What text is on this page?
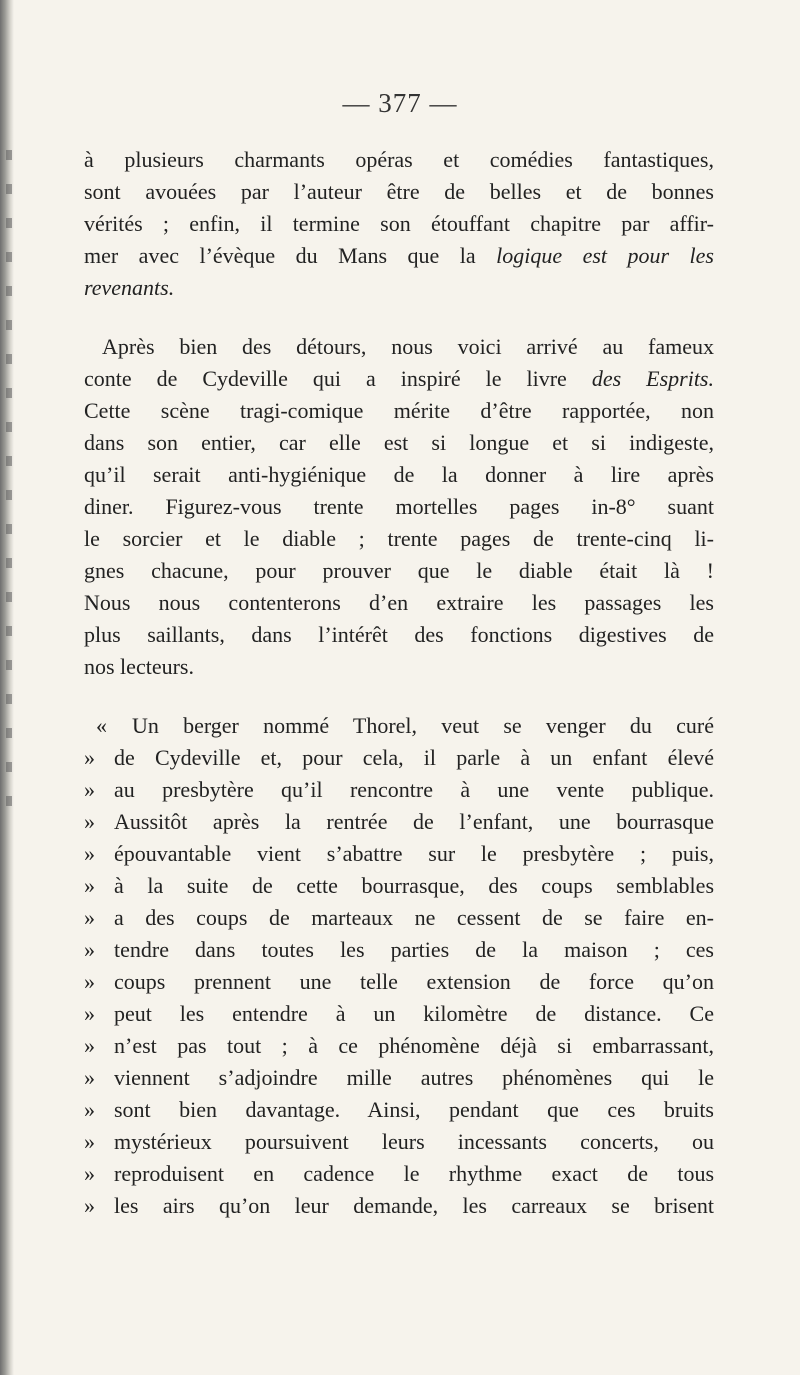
— 377 —
à plusieurs charmants opéras et comédies fantastiques,
sont avouées par l’auteur être de belles et de bonnes
vérités ; enfin, il termine son étouffant chapitre par affir-
mer avec l’évèque du Mans que la logique est pour les
revenants.
Après bien des détours, nous voici arrivé au fameux
conte de Cydeville qui a inspiré le livre des Esprits.
Cette scène tragi-comique mérite d’être rapportée, non
dans son entier, car elle est si longue et si indigeste,
qu’il serait anti-hygiénique de la donner à lire après
diner. Figurez-vous trente mortelles pages in-8° suant
le sorcier et le diable ; trente pages de trente-cinq li-
gnes chacune, pour prouver que le diable était là !
Nous nous contenterons d’en extraire les passages les
plus saillants, dans l’intérêt des fonctions digestives de
nos lecteurs.
«	Un berger nommé Thorel, veut se venger du curé
» de Cydeville et, pour cela, il parle à un enfant élevé
» au presbytère qu’il rencontre à une vente publique.
» Aussitôt après la rentrée de l’enfant, une bourrasque
» épouvantable vient s’abattre sur le presbytère ; puis,
» à la suite de cette bourrasque, des coups semblables
» a des coups de marteaux ne cessent de se faire en-
» tendre dans toutes les parties de la maison ; ces
» coups prennent une telle extension de force qu’on
» peut les entendre à un kilomètre de distance. Ce
» n’est pas tout ; à ce phénomène déjà si embarrassant,
» viennent s’adjoindre mille autres phénomènes qui le
» sont bien davantage. Ainsi, pendant que ces bruits
» mystérieux poursuivent leurs incessants concerts, ou
» reproduisent en cadence le rhythme exact de tous
» les airs qu’on leur demande, les carreaux se brisent
